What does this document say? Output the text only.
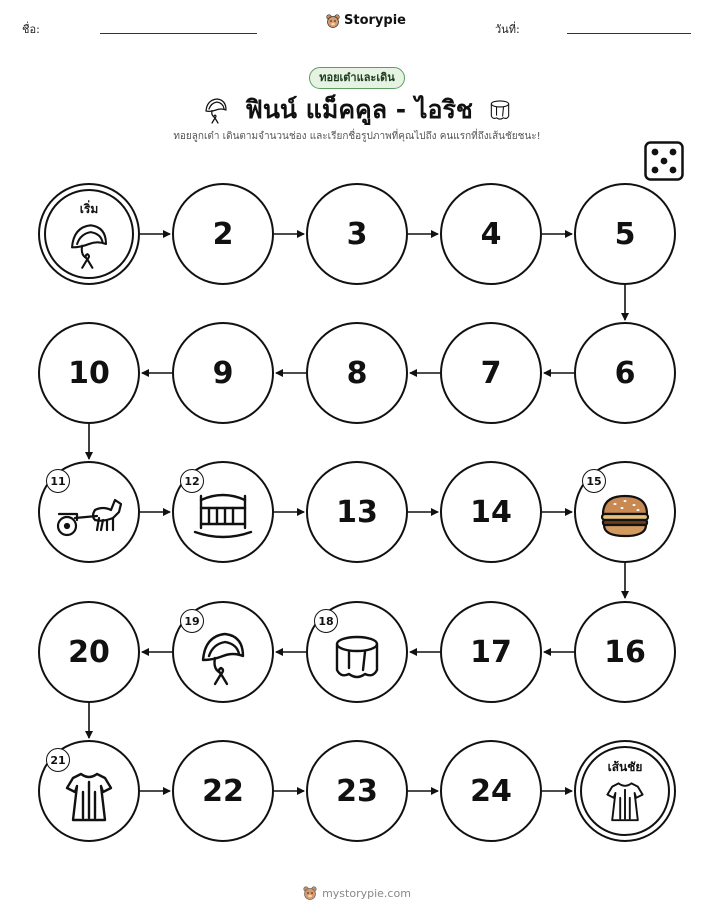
ชื่อ:
Storypie
วันที่:
ทอยเต๋าและเดิน
ฟินน์ แม็คคูล - ไอริช
ทอยลูกเต๋า เดินตามจำนวนช่อง และเรียกชื่อรูปภาพที่คุณไปถึง คนแรกที่ถึงเส้นชัยชนะ!
เริ่ม
เส้นชัย
2	3	4	5
10	9	8	7	6
13	14
20	17	16
22	23	24
11	12	15
18
19
21
mystorypie.com
